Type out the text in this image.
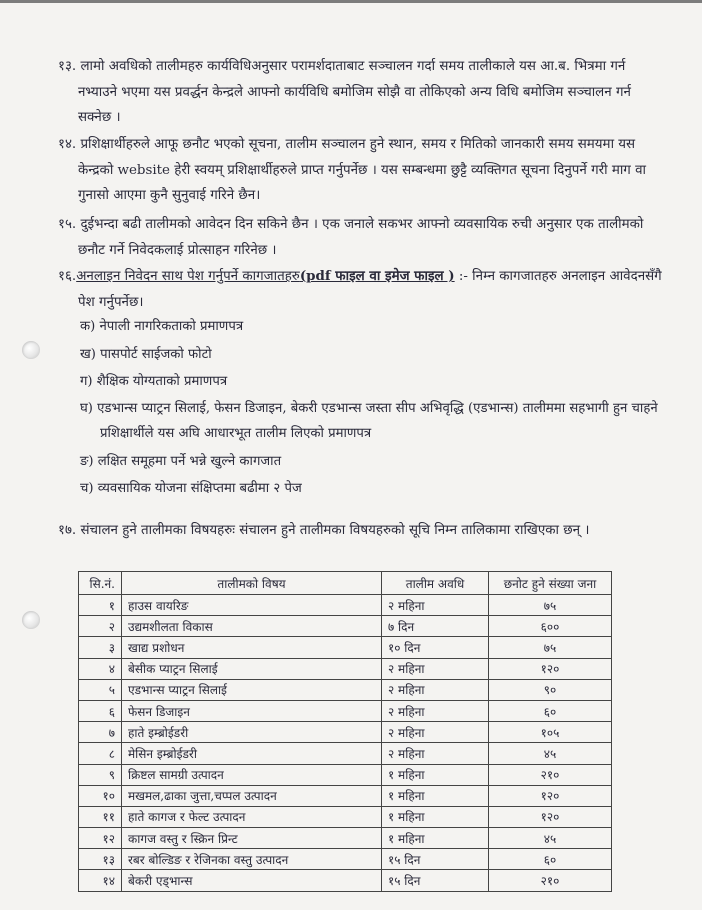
१३. लामो अवधिको तालीमहरु कार्यविधिअनुसार परामर्शदाताबाट सञ्चालन गर्दा समय तालीकाले यस आ.ब. भित्रमा गर्न नभ्याउने भएमा यस प्रवर्द्धन केन्द्रले आफ्नो कार्यविधि बमोजिम सोझै वा तोकिएको अन्य विधि बमोजिम सञ्चालन गर्न सक्नेछ ।
१४. प्रशिक्षार्थीहरुले आफू छनौट भएको सूचना, तालीम सञ्चालन हुने स्थान, समय र मितिको जानकारी समय समयमा यस केन्द्रको website हेरी स्वयम् प्रशिक्षार्थीहरुले प्राप्त गर्नुपर्नेछ । यस सम्बन्धमा छुट्टै व्यक्तिगत सूचना दिनुपर्ने गरी माग वा गुनासो आएमा कुनै सुनुवाई गरिने छैन।
१५. दुईभन्दा बढी तालीमको आवेदन दिन सकिने छैन । एक जनाले सकभर आफ्नो व्यवसायिक रुची अनुसार एक तालीमको छनौट गर्ने निवेदकलाई प्रोत्साहन गरिनेछ ।
१६.अनलाइन निवेदन साथ पेश गर्नुपर्ने कागजातहरु(pdf फाइल वा इमेज फाइल ) :- निम्न कागजातहरु अनलाइन आवेदनसँगै पेश गर्नुपर्नेछ।
क) नेपाली नागरिकताको प्रमाणपत्र
ख) पासपोर्ट साईजको फोटो
ग) शैक्षिक योग्यताको प्रमाणपत्र
घ) एडभान्स प्याट्रन सिलाई, फेसन डिजाइन, बेकरी एडभान्स जस्ता सीप अभिवृद्धि (एडभान्स) तालीममा सहभागी हुन चाहने प्रशिक्षार्थीले यस अघि आधारभूत तालीम लिएको प्रमाणपत्र
ङ) लक्षित समूहमा पर्ने भन्ने खुल्ने कागजात
च) व्यवसायिक योजना संक्षिप्तमा बढीमा २ पेज
१७. संचालन हुने तालीमका विषयहरुः संचालन हुने तालीमका विषयहरुको सूचि निम्न तालिकामा राखिएका छन् ।
सि.नं.	तालीमको विषय	तालीम अवधि	छनोट हुने संख्या जना
१	हाउस वायरिङ	२ महिना	७५
२	उद्यमशीलता विकास	७ दिन	६००
३	खाद्य प्रशोधन	१० दिन	७५
४	बेसीक प्याट्रन सिलाई	२ महिना	१२०
५	एडभान्स प्याट्रन सिलाई	२ महिना	९०
६	फेसन डिजाइन	२ महिना	६०
७	हाते इम्ब्रोईडरी	२ महिना	१०५
८	मेसिन इम्ब्रोईडरी	२ महिना	४५
९	क्रिष्टल सामग्री उत्पादन	१ महिना	२१०
१०	मखमल,ढाका जुत्ता,चप्पल उत्पादन	१ महिना	१२०
११	हाते कागज र फेल्ट उत्पादन	१ महिना	१२०
१२	कागज वस्तु र स्क्रिन प्रिन्ट	१ महिना	४५
१३	रबर बोल्डिङ र रेजिनका वस्तु उत्पादन	१५ दिन	६०
१४	बेकरी एड्भान्स	१५ दिन	२१०
